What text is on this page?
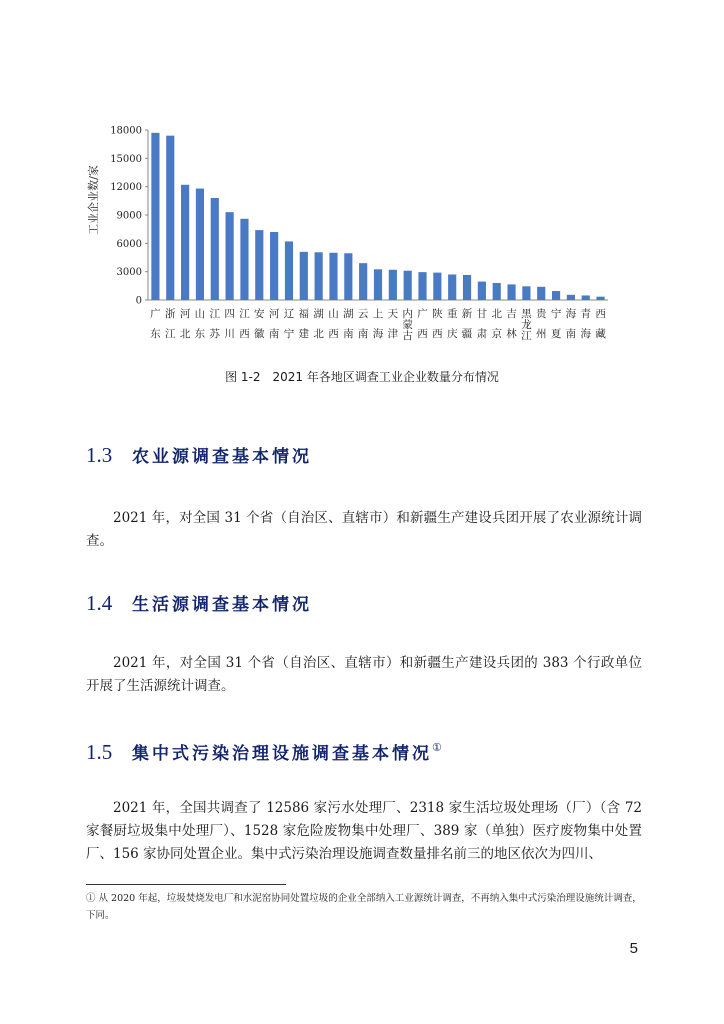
18000
15000
12000
9000
6000
3000
0
广东
浙江
河北
山东
江苏
四川
江西
安徽
河南
辽宁
福建
湖北
山西
湖南
云南
上海
天津
内蒙古
广西
陕西
重庆
新疆
甘肃
北京
吉林
黑龙江
贵州
宁夏
海南
青海
西藏
工业企业数/家
图 1-2　2021 年各地区调查工业企业数量分布情况
1.3 农业源调查基本情况

2021 年，对全国 31 个省（自治区、直辖市）和新疆生产建设兵团开展了农业源统计调查。

1.4 生活源调查基本情况

2021 年，对全国 31 个省（自治区、直辖市）和新疆生产建设兵团的 383 个行政单位开展了生活源统计调查。

1.5 集中式污染治理设施调查基本情况①

2021 年，全国共调查了 12586 家污水处理厂、2318 家生活垃圾处理场（厂）（含 72 家餐厨垃圾集中处理厂）、1528 家危险废物集中处理厂、389 家（单独）医疗废物集中处置厂、156 家协同处置企业。集中式污染治理设施调查数量排名前三的地区依次为四川、

① 从 2020 年起，垃圾焚烧发电厂和水泥窑协同处置垃圾的企业全部纳入工业源统计调查，不再纳入集中式污染治理设施统计调查，下同。
5
